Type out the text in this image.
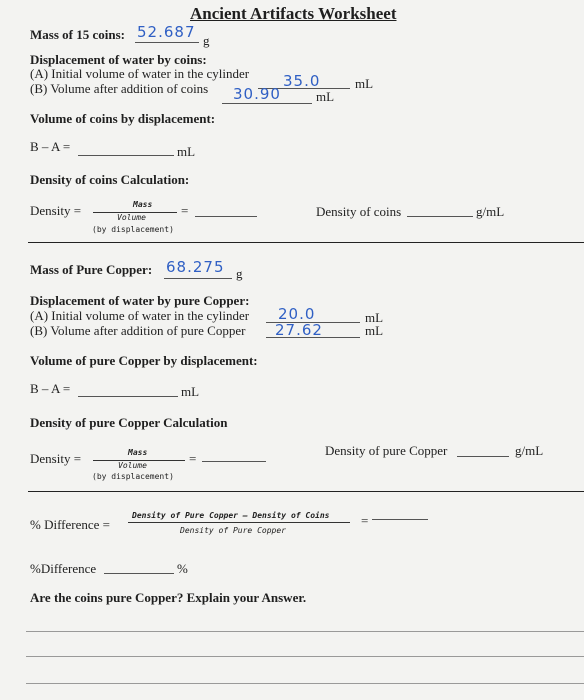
Ancient Artifacts Worksheet
Mass of 15 coins: 52.687 g
Displacement of water by coins:
(A) Initial volume of water in the cylinder 35.0	mL
(B) Volume after addition of coins 30.90	mL
Volume of coins by displacement:
B – A =	mL
Density of coins Calculation:
Density =	Mass
Volume
(by displacement)
=	Density of coins	g/mL
Mass of Pure Copper: 68.275 g
Displacement of water by pure Copper:
(A) Initial volume of water in the cylinder 20.0	mL
(B) Volume after addition of pure Copper 27.62	mL
Volume of pure Copper by displacement:
B – A =	mL
Density of pure Copper Calculation
Density =	Mass
Volume
(by displacement)
=
Density of pure Copper	g/mL
% Difference =
Density of Pure Copper – Density of Coins
Density of Pure Copper
=
%Difference	%
Are the coins pure Copper? Explain your Answer.
